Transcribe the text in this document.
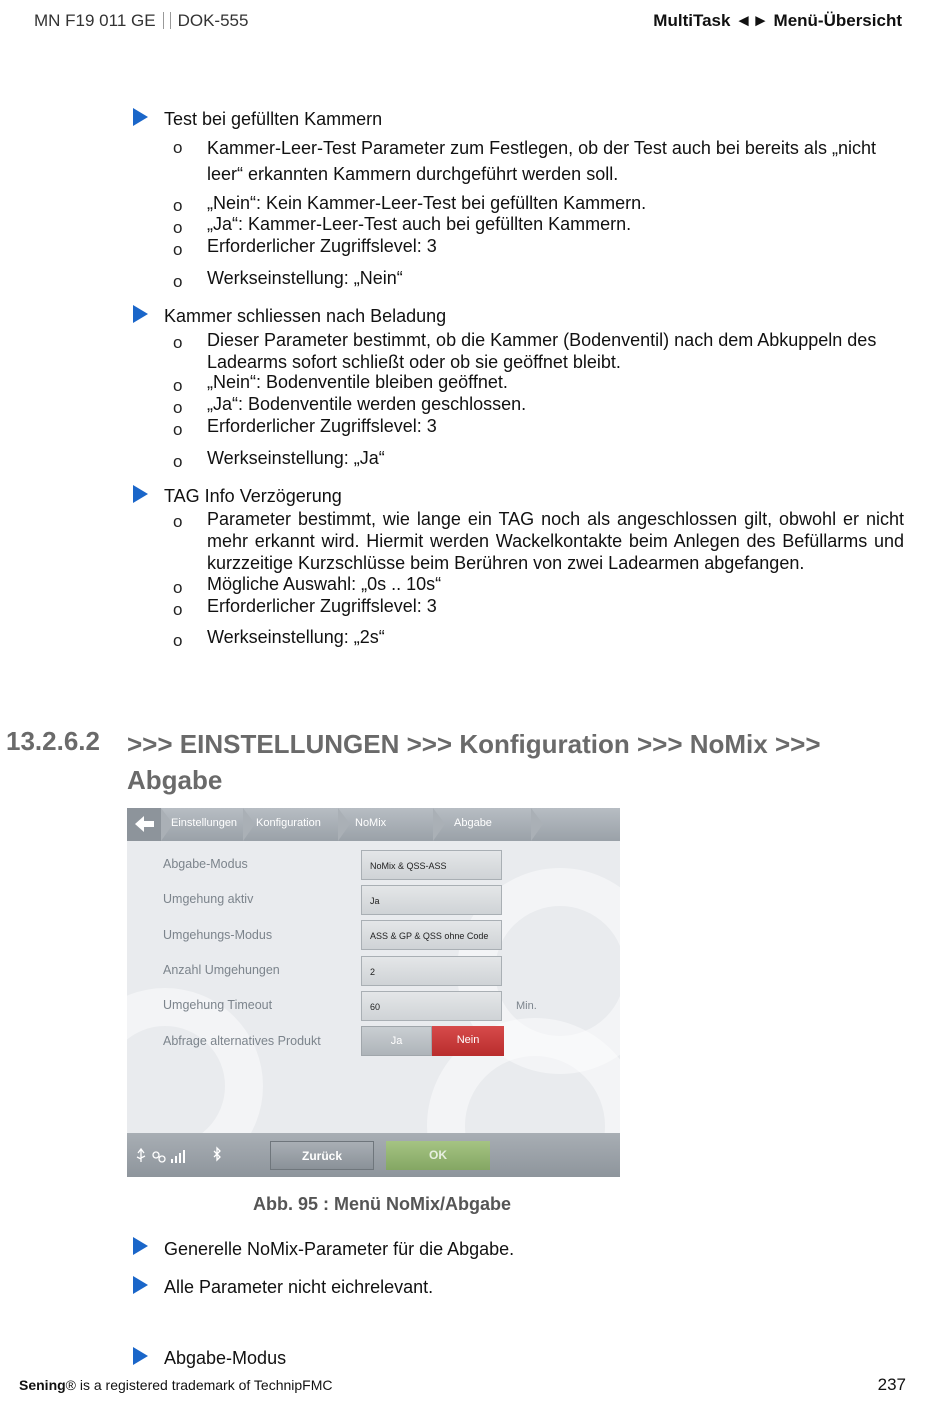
MN F19 011 GE DOK-555	MultiTask ◄► Menü-Übersicht
Test bei gefüllten Kammern
o Kammer-Leer-Test Parameter zum Festlegen, ob der Test auch bei bereits als „nicht leer“ erkannten Kammern durchgeführt werden soll.
o „Nein“: Kein Kammer-Leer-Test bei gefüllten Kammern.
o „Ja“: Kammer-Leer-Test auch bei gefüllten Kammern.
o Erforderlicher Zugriffslevel: 3
o Werkseinstellung: „Nein“
Kammer schliessen nach Beladung
o Dieser Parameter bestimmt, ob die Kammer (Bodenventil) nach dem Abkuppeln des Ladearms sofort schließt oder ob sie geöffnet bleibt.
o „Nein“: Bodenventile bleiben geöffnet.
o „Ja“: Bodenventile werden geschlossen.
o Erforderlicher Zugriffslevel: 3
o Werkseinstellung: „Ja“
TAG Info Verzögerung
o Parameter bestimmt, wie lange ein TAG noch als angeschlossen gilt, obwohl er nicht mehr erkannt wird. Hiermit werden Wackelkontakte beim Anlegen des Befüllarms und kurzzeitige Kurzschlüsse beim Berühren von zwei Ladearmen abgefangen.
o Mögliche Auswahl: „0s .. 10s“
o Erforderlicher Zugriffslevel: 3
o Werkseinstellung: „2s“
13.2.6.2 >>> EINSTELLUNGEN >>> Konfiguration >>> NoMix >>> Abgabe
Einstellungen Konfiguration	NoMix	Abgabe
Abgabe-Modus	NoMix & QSS-ASS
Umgehung aktiv	Ja
Umgehungs-Modus	ASS & GP & QSS ohne Code
Anzahl Umgehungen	2
Umgehung Timeout	60	Min.
Abfrage alternatives Produkt	Ja	Nein
Zurück	OK
Abb. 95 : Menü NoMix/Abgabe
Generelle NoMix-Parameter für die Abgabe.
Alle Parameter nicht eichrelevant.
Abgabe-Modus
Sening® is a registered trademark of TechnipFMC	237
